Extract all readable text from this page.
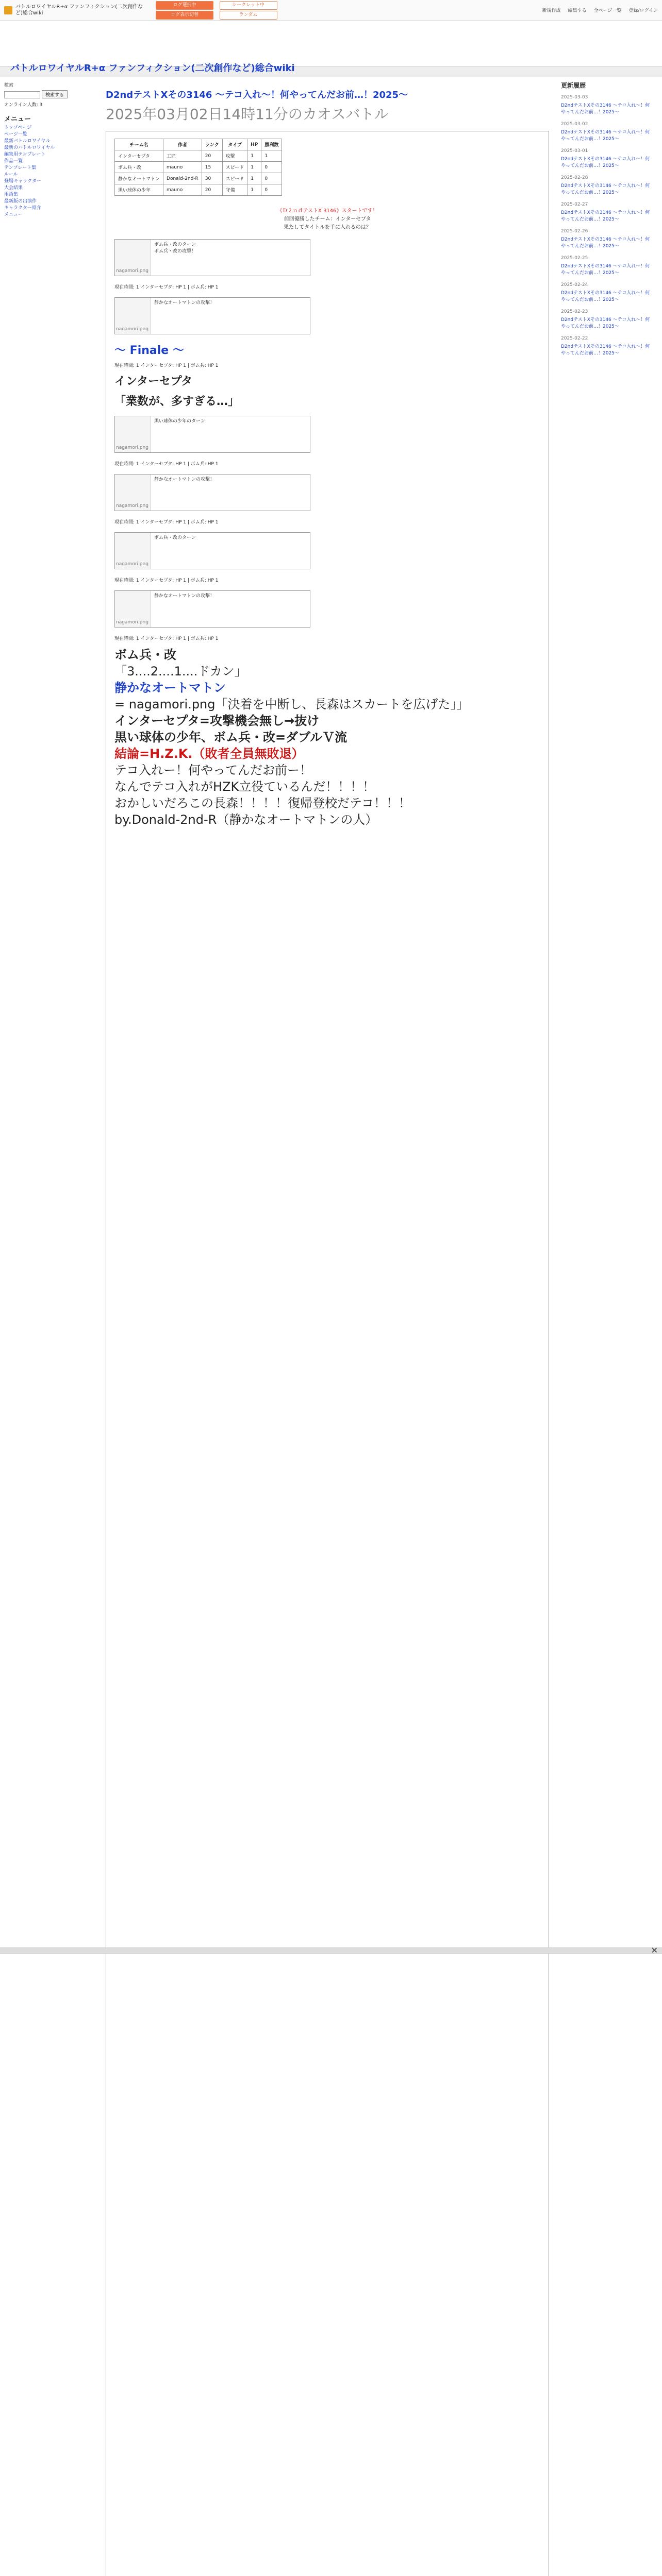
バトルロワイヤルR+α ファンフィクション(二次創作など)総合wiki
ログ選択中	シークレット中
ログ表示切替	ランダム
新規作成 編集する 全ページ一覧 登録/ログイン
バトルロワイヤルR+α ファンフィクション(二次創作など)総合wiki
検索
検索する
オンライン人数: 3
メニュー
トップページ
ページ一覧
最新バトルロワイヤル
最新のバトルロワイヤル
編集用テンプレート
作品一覧
テンプレート集
ルール
登場キャラクター
大会結果
用語集
最新版の出演作
キャラクター紹介
メニュー
D2ndテストXその3146 ～テコ入れ～！何やってんだお前…！2025～
2025年03月02日14時11分のカオスバトル
チーム名	作者	ランク	タイプ	HP	勝利数
インターセプタ	工匠	20	攻撃	1	1
ボム兵・改	mauno	15	スピード	1	0
静かなオートマトン	Donald-2nd-R	30	スピード	1	0
黒い球体の少年	mauno	20	守備	1	0
《Ｄ２ｎｄテストX 3146》スタートです！
前回優勝したチーム：インターセプタ
果たしてタイトルを手に入れるのは？
nagamori.png
ボム兵・改のターン
ボム兵・改の攻撃！
現在時間: 1 インターセプタ: HP 1 | ボム兵: HP 1
nagamori.png
静かなオートマトンの攻撃！
〜 Finale 〜
現在時間: 1 インターセプタ: HP 1 | ボム兵: HP 1
インターセプタ
「業数が、多すぎる…」
nagamori.png
黒い球体の少年のターン
現在時間: 1 インターセプタ: HP 1 | ボム兵: HP 1
nagamori.png
静かなオートマトンの攻撃！
現在時間: 1 インターセプタ: HP 1 | ボム兵: HP 1
nagamori.png
ボム兵・改のターン
現在時間: 1 インターセプタ: HP 1 | ボム兵: HP 1
nagamori.png
静かなオートマトンの攻撃！
現在時間: 1 インターセプタ: HP 1 | ボム兵: HP 1
ボム兵・改
「3....2....1....ドカン」
静かなオートマトン
= nagamori.png「決着を中断し、長森はスカートを広げた」」
インターセプタ=攻撃機会無し→抜け
黒い球体の少年、ボム兵・改=ダブルＶ流
結論=H.Z.K.（敗者全員無敗退）
テコ入れー！何やってんだお前ー！
なんでテコ入れがHZK立役ているんだ！！！！
おかしいだろこの長森！！！！復帰登校だテコ！！！
by.Donald-2nd-R（静かなオートマトンの人）
更新履歴
2025-03-03
D2ndテストXその3146 ～テコ入れ～！何やってんだお前…！2025～
2025-03-02
D2ndテストXその3146 ～テコ入れ～！何やってんだお前…！2025～
2025-03-01
D2ndテストXその3146 ～テコ入れ～！何やってんだお前…！2025～
2025-02-28
D2ndテストXその3146 ～テコ入れ～！何やってんだお前…！2025～
2025-02-27
D2ndテストXその3146 ～テコ入れ～！何やってんだお前…！2025～
2025-02-26
D2ndテストXその3146 ～テコ入れ～！何やってんだお前…！2025～
2025-02-25
D2ndテストXその3146 ～テコ入れ～！何やってんだお前…！2025～
2025-02-24
D2ndテストXその3146 ～テコ入れ～！何やってんだお前…！2025～
2025-02-23
D2ndテストXその3146 ～テコ入れ～！何やってんだお前…！2025～
2025-02-22
D2ndテストXその3146 ～テコ入れ～！何やってんだお前…！2025～
✕
